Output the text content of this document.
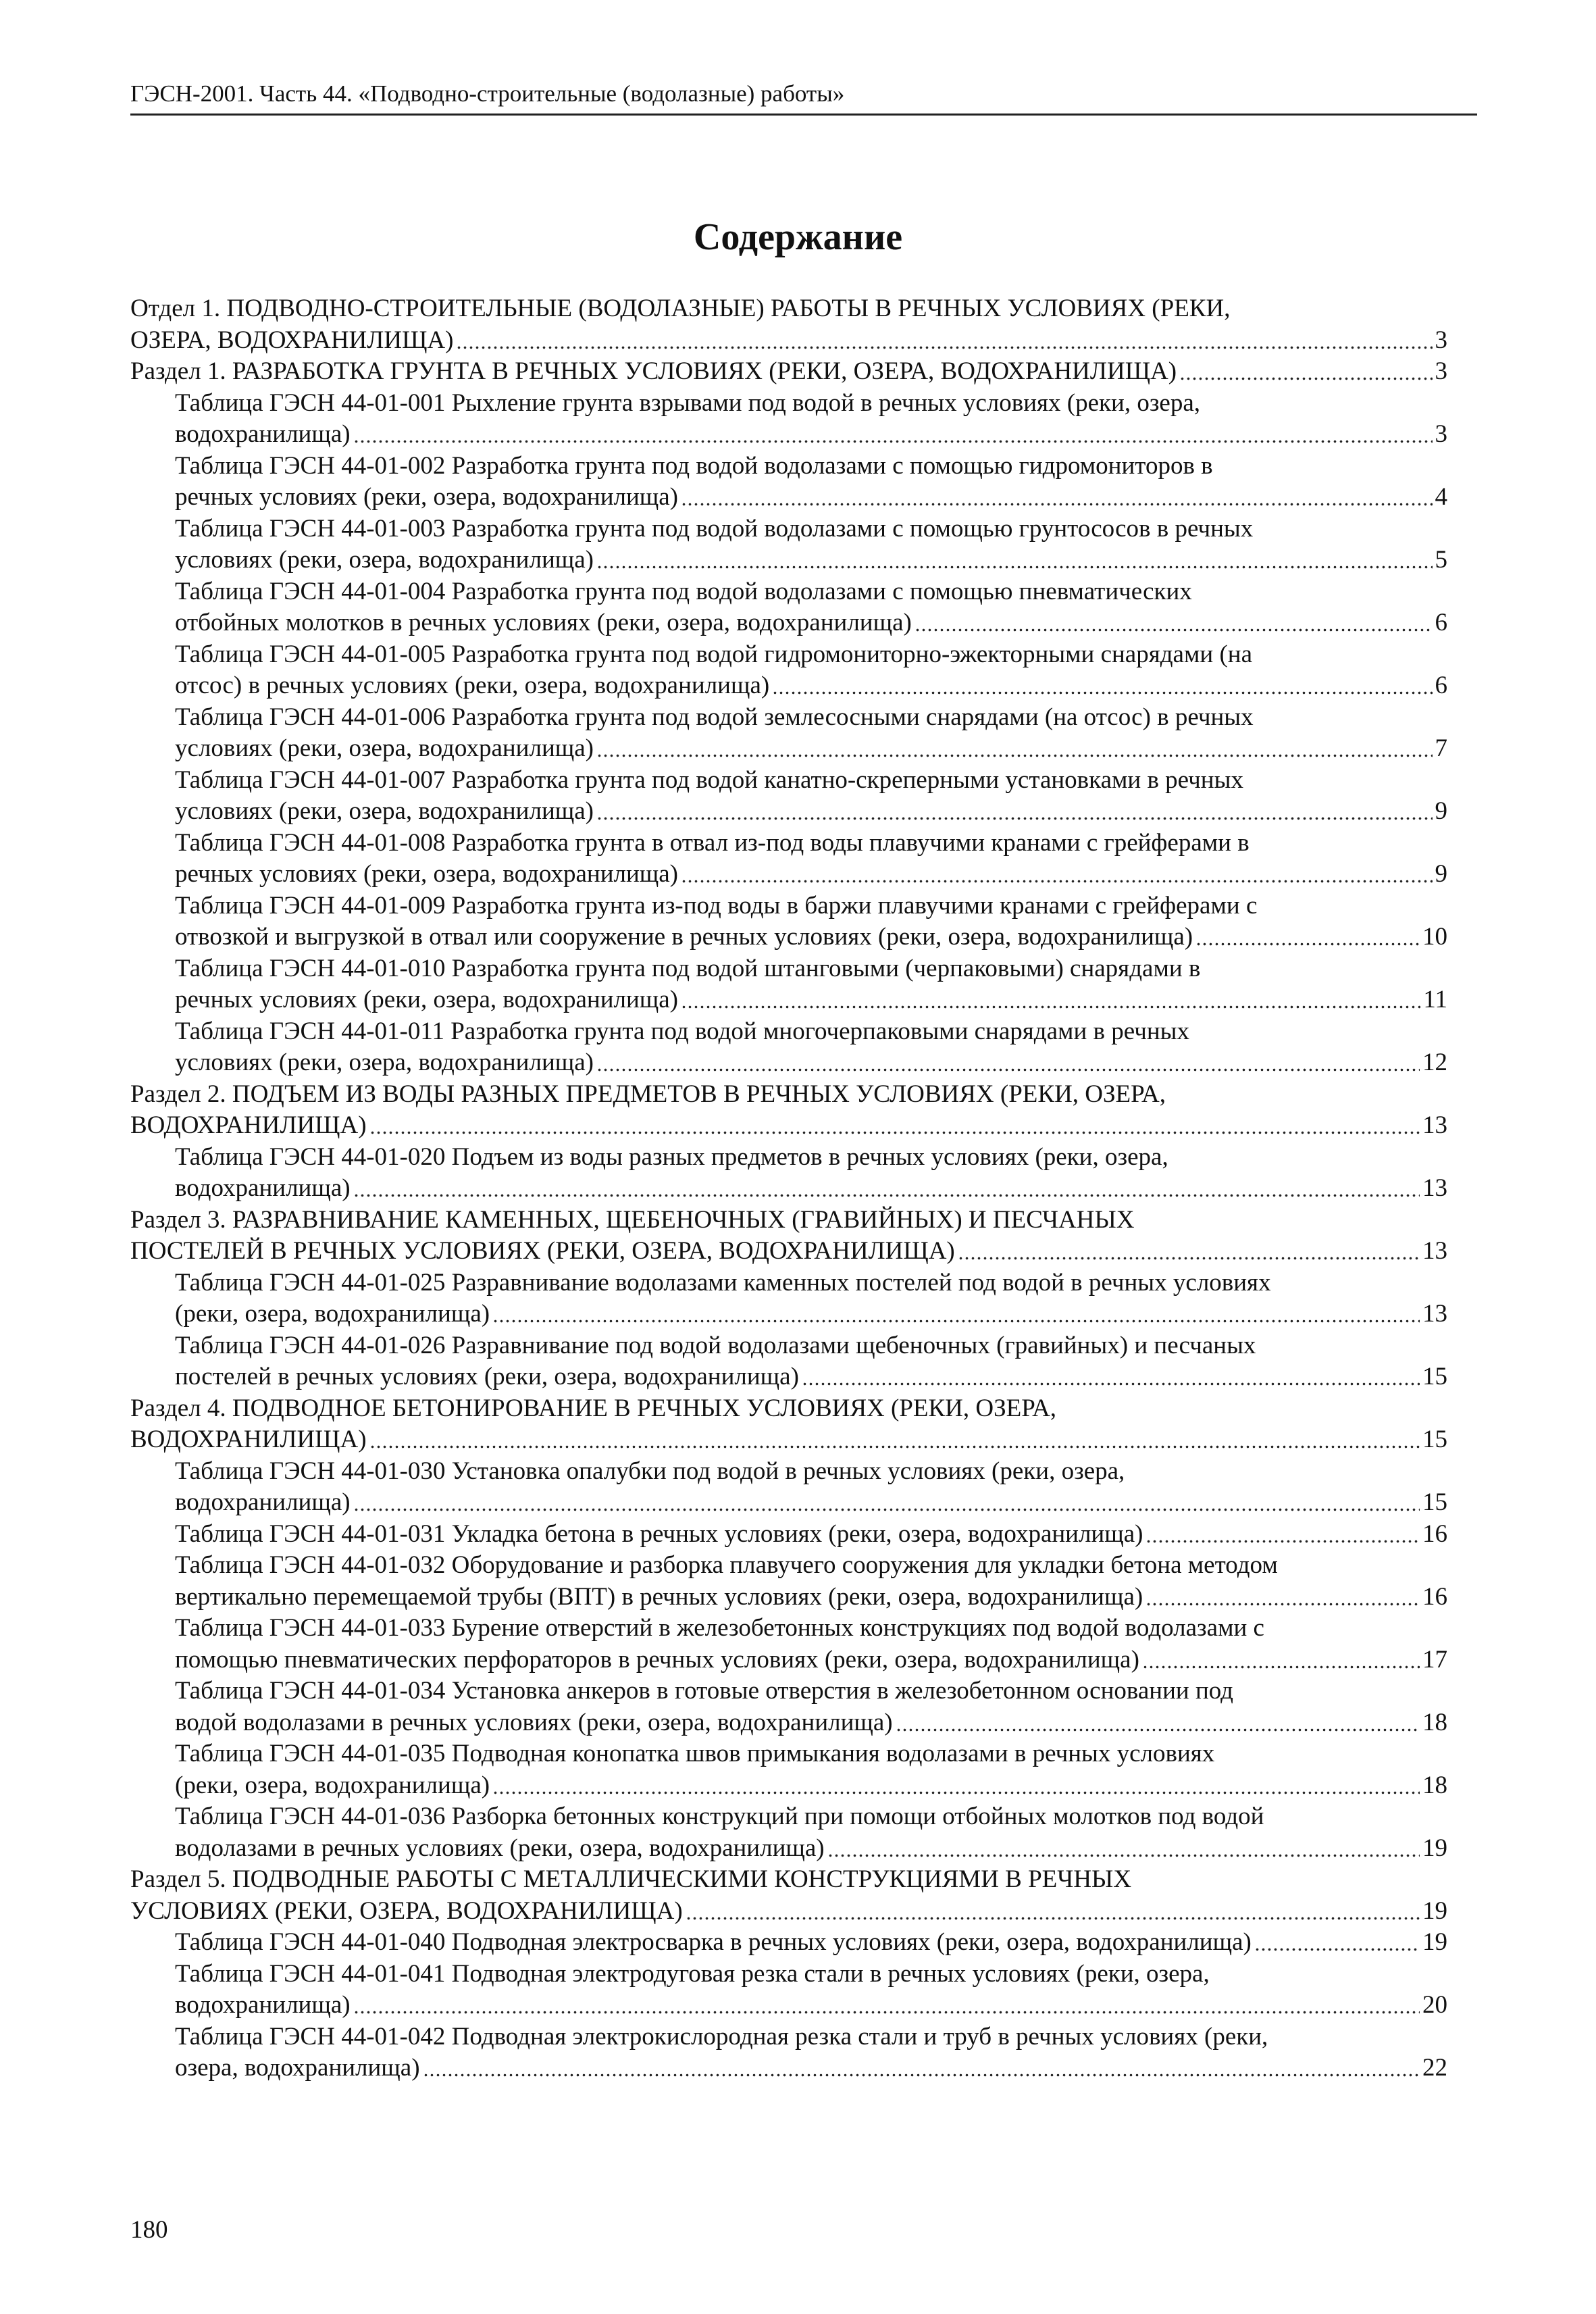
ГЭСН-2001. Часть 44. «Подводно-строительные (водолазные) работы»
Содержание
Отдел 1. ПОДВОДНО-СТРОИТЕЛЬНЫЕ (ВОДОЛАЗНЫЕ) РАБОТЫ В РЕЧНЫХ УСЛОВИЯХ (РЕКИ,
ОЗЕРА, ВОДОХРАНИЛИЩА)	3
Раздел 1. РАЗРАБОТКА ГРУНТА В РЕЧНЫХ УСЛОВИЯХ (РЕКИ, ОЗЕРА, ВОДОХРАНИЛИЩА)	3
Таблица ГЭСН 44-01-001 Рыхление грунта взрывами под водой в речных условиях (реки, озера,
водохранилища)	3
Таблица ГЭСН 44-01-002 Разработка грунта под водой водолазами с помощью гидромониторов в
речных условиях (реки, озера, водохранилища)	4
Таблица ГЭСН 44-01-003 Разработка грунта под водой водолазами с помощью грунтососов в речных
условиях (реки, озера, водохранилища)	5
Таблица ГЭСН 44-01-004 Разработка грунта под водой водолазами с помощью пневматических
отбойных молотков в речных условиях (реки, озера, водохранилища)	6
Таблица ГЭСН 44-01-005 Разработка грунта под водой гидромониторно-эжекторными снарядами (на
отсос) в речных условиях (реки, озера, водохранилища)	6
Таблица ГЭСН 44-01-006 Разработка грунта под водой землесосными снарядами (на отсос) в речных
условиях (реки, озера, водохранилища)	7
Таблица ГЭСН 44-01-007 Разработка грунта под водой канатно-скреперными установками в речных
условиях (реки, озера, водохранилища)	9
Таблица ГЭСН 44-01-008 Разработка грунта в отвал из-под воды плавучими кранами с грейферами в
речных условиях (реки, озера, водохранилища)	9
Таблица ГЭСН 44-01-009 Разработка грунта из-под воды в баржи плавучими кранами с грейферами с
отвозкой и выгрузкой в отвал или сооружение в речных условиях (реки, озера, водохранилища)	10
Таблица ГЭСН 44-01-010 Разработка грунта под водой штанговыми (черпаковыми) снарядами в
речных условиях (реки, озера, водохранилища)	11
Таблица ГЭСН 44-01-011 Разработка грунта под водой многочерпаковыми снарядами в речных
условиях (реки, озера, водохранилища)	12
Раздел 2. ПОДЪЕМ ИЗ ВОДЫ РАЗНЫХ ПРЕДМЕТОВ В РЕЧНЫХ УСЛОВИЯХ (РЕКИ, ОЗЕРА,
ВОДОХРАНИЛИЩА)	13
Таблица ГЭСН 44-01-020 Подъем из воды разных предметов в речных условиях (реки, озера,
водохранилища)	13
Раздел 3. РАЗРАВНИВАНИЕ КАМЕННЫХ, ЩЕБЕНОЧНЫХ (ГРАВИЙНЫХ) И ПЕСЧАНЫХ
ПОСТЕЛЕЙ В РЕЧНЫХ УСЛОВИЯХ (РЕКИ, ОЗЕРА, ВОДОХРАНИЛИЩА)	13
Таблица ГЭСН 44-01-025 Разравнивание водолазами каменных постелей под водой в речных условиях
(реки, озера, водохранилища)	13
Таблица ГЭСН 44-01-026 Разравнивание под водой водолазами щебеночных (гравийных) и песчаных
постелей в речных условиях (реки, озера, водохранилища)	15
Раздел 4. ПОДВОДНОЕ БЕТОНИРОВАНИЕ В РЕЧНЫХ УСЛОВИЯХ (РЕКИ, ОЗЕРА,
ВОДОХРАНИЛИЩА)	15
Таблица ГЭСН 44-01-030 Установка опалубки под водой в речных условиях (реки, озера,
водохранилища)	15
Таблица ГЭСН 44-01-031 Укладка бетона в речных условиях (реки, озера, водохранилища)	16
Таблица ГЭСН 44-01-032 Оборудование и разборка плавучего сооружения для укладки бетона методом
вертикально перемещаемой трубы (ВПТ) в речных условиях (реки, озера, водохранилища)	16
Таблица ГЭСН 44-01-033 Бурение отверстий в железобетонных конструкциях под водой водолазами с
помощью пневматических перфораторов в речных условиях (реки, озера, водохранилища)	17
Таблица ГЭСН 44-01-034 Установка анкеров в готовые отверстия в железобетонном основании под
водой водолазами в речных условиях (реки, озера, водохранилища)	18
Таблица ГЭСН 44-01-035 Подводная конопатка швов примыкания водолазами в речных условиях
(реки, озера, водохранилища)	18
Таблица ГЭСН 44-01-036 Разборка бетонных конструкций при помощи отбойных молотков под водой
водолазами в речных условиях (реки, озера, водохранилища)	19
Раздел 5. ПОДВОДНЫЕ РАБОТЫ С МЕТАЛЛИЧЕСКИМИ КОНСТРУКЦИЯМИ В РЕЧНЫХ
УСЛОВИЯХ (РЕКИ, ОЗЕРА, ВОДОХРАНИЛИЩА)	19
Таблица ГЭСН 44-01-040 Подводная электросварка в речных условиях (реки, озера, водохранилища)	19
Таблица ГЭСН 44-01-041 Подводная электродуговая резка стали в речных условиях (реки, озера,
водохранилища)	20
Таблица ГЭСН 44-01-042 Подводная электрокислородная резка стали и труб в речных условиях (реки,
озера, водохранилища)	22
180
